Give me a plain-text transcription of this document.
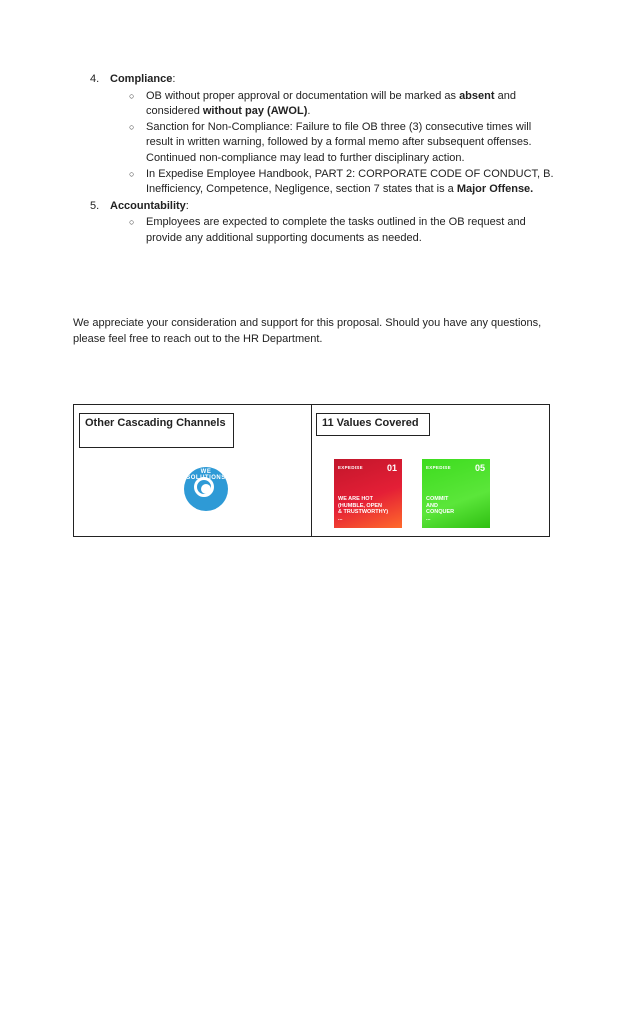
4. Compliance:
○ OB without proper approval or documentation will be marked as absent and considered without pay (AWOL).
○ Sanction for Non-Compliance: Failure to file OB three (3) consecutive times will result in written warning, followed by a formal memo after subsequent offenses. Continued non-compliance may lead to further disciplinary action.
○ In Expedise Employee Handbook, PART 2: CORPORATE CODE OF CONDUCT, B. Inefficiency, Competence, Negligence, section 7 states that is a Major Offense.
5. Accountability:
○ Employees are expected to complete the tasks outlined in the OB request and provide any additional supporting documents as needed.
We appreciate your consideration and support for this proposal. Should you have any questions, please feel free to reach out to the HR Department.
Other Cascading Channels
WE SOLUTIONS

11 Values Covered
EXPEDISE	01
WE ARE HOT
(HUMBLE, OPEN
& TRUSTWORTHY)
...
EXPEDISE	05
COMMIT
AND
CONQUER
...
